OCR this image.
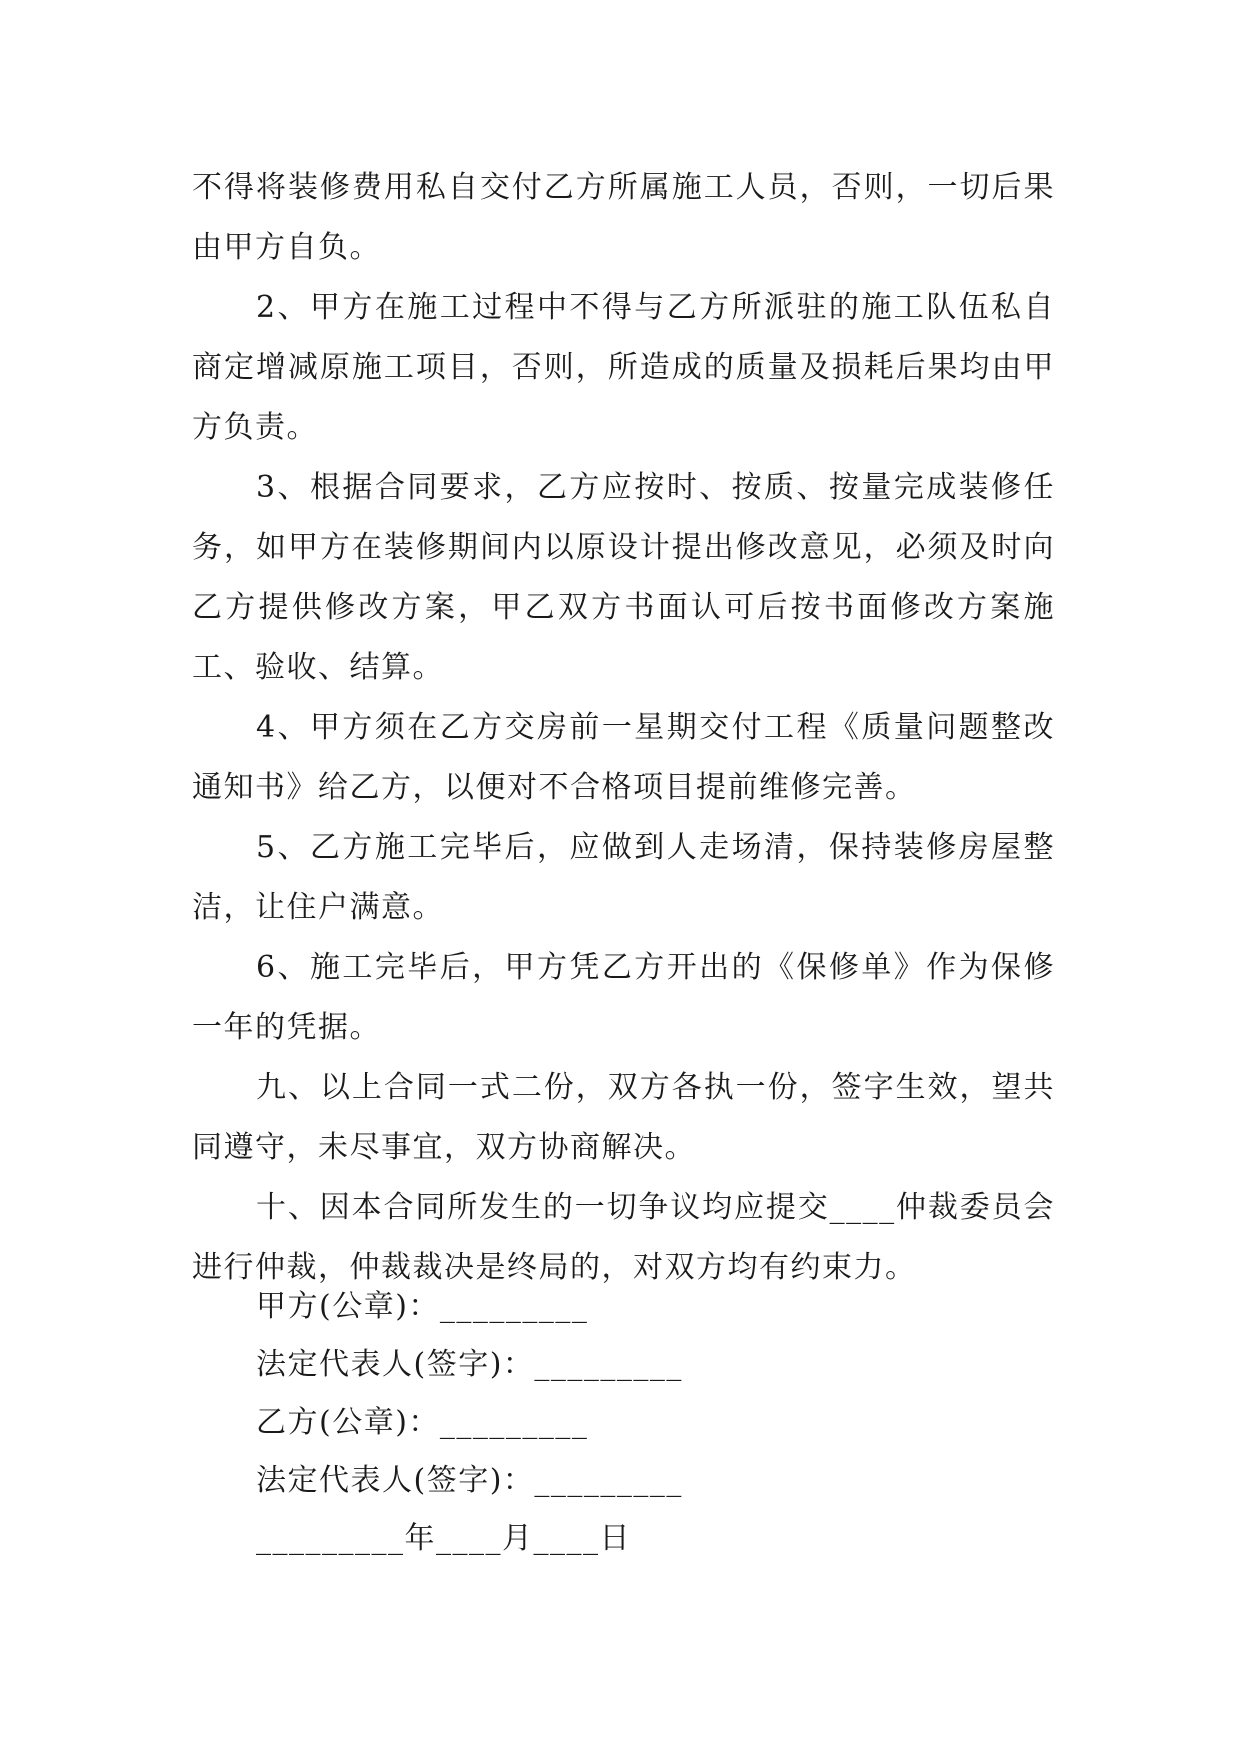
不得将装修费用私自交付乙方所属施工人员，否则，一切后果由甲方自负。

2、甲方在施工过程中不得与乙方所派驻的施工队伍私自商定增减原施工项目，否则，所造成的质量及损耗后果均由甲方负责。

3、根据合同要求，乙方应按时、按质、按量完成装修任务，如甲方在装修期间内以原设计提出修改意见，必须及时向乙方提供修改方案，甲乙双方书面认可后按书面修改方案施工、验收、结算。

4、甲方须在乙方交房前一星期交付工程《质量问题整改通知书》给乙方，以便对不合格项目提前维修完善。

5、乙方施工完毕后，应做到人走场清，保持装修房屋整洁，让住户满意。

6、施工完毕后，甲方凭乙方开出的《保修单》作为保修一年的凭据。

九、以上合同一式二份，双方各执一份，签字生效，望共同遵守，未尽事宜，双方协商解决。

十、因本合同所发生的一切争议均应提交____仲裁委员会进行仲裁，仲裁裁决是终局的，对双方均有约束力。

甲方(公章)：_________

法定代表人(签字)：_________

乙方(公章)：_________

法定代表人(签字)：_________

_________年____月____日
